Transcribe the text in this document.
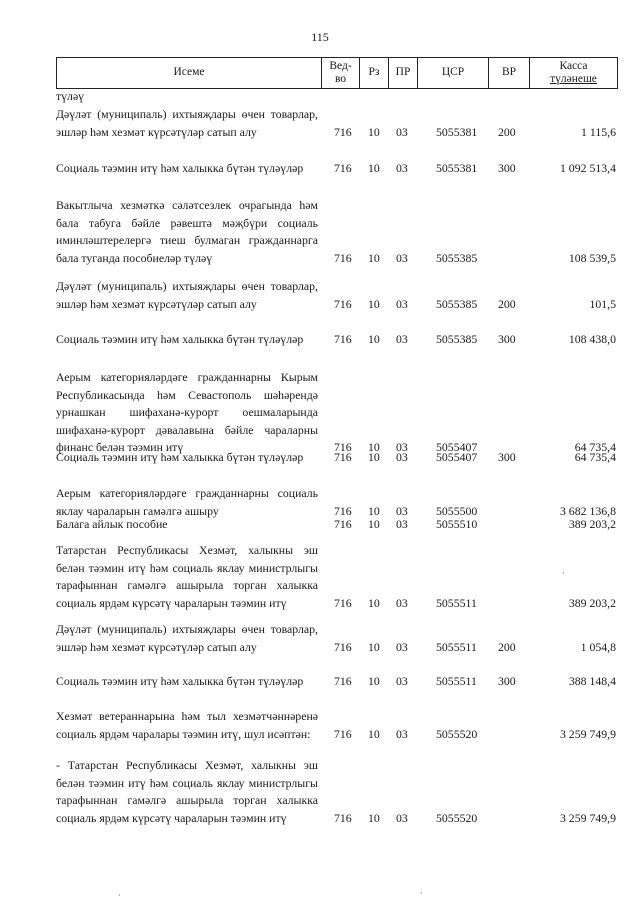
115
Исеме
Вед-
во
Рз	ПР	ЦСР	ВР
Касса
түләнеше
түләү
Дәүләт (муниципаль) ихтыяҗлары өчен товарлар, эшләр һәм хезмәт күрсәтүләр сатып алу	716 10 03 5055381 200	1 115,6
Социаль тәэмин итү һәм халыкка бүтән түләүләр	716 10 03 5055381 300	1 092 513,4
Вакытлыча хезмәткә сәләтсезлек очрагында һәм бала табуга бәйле рәвештә мәҗбүри социаль иминләштерелергә тиеш булмаган гражданнарга бала туганда пособиеләр түләү	716 10 03 5055385	108 539,5
Дәүләт (муниципаль) ихтыяҗлары өчен товарлар, эшләр һәм хезмәт күрсәтүләр сатып алу	716 10 03 5055385 200	101,5
Социаль тәэмин итү һәм халыкка бүтән түләүләр	716 10 03 5055385 300	108 438,0
Аерым категорияләрдәге гражданнарны Кырым Республикасында һәм Севастополь шәһәрендә урнашкан шифаханә-курорт оешмаларында шифаханә-курорт дәвалавына бәйле чараларны финанс белән тәэмин итү	716 10 03 5055407	64 735,4
Социаль тәэмин итү һәм халыкка бүтән түләүләр	716 10 03 5055407 300	64 735,4
Аерым категорияләрдәге гражданнарны социаль яклау чараларын гамәлгә ашыру	716 10 03 5055500	3 682 136,8
Балага айлык пособие	716 10 03 5055510	389 203,2
Татарстан Республикасы Хезмәт, халыкны эш белән тәэмин итү һәм социаль яклау министрлыгы тарафыннан гамәлгә ашырыла торган халыкка социаль ярдәм күрсәтү чараларын тәэмин итү	716 10 03 5055511	389 203,2
Дәүләт (муниципаль) ихтыяҗлары өчен товарлар, эшләр һәм хезмәт күрсәтүләр сатып алу	716 10 03 5055511 200	1 054,8
Социаль тәэмин итү һәм халыкка бүтән түләүләр	716 10 03 5055511 300	388 148,4
Хезмәт ветераннарына һәм тыл хезмәтчәннәренә социаль ярдәм чаралары тәэмин итү, шул исәптән:	716 10 03 5055520	3 259 749,9
- Татарстан Республикасы Хезмәт, халыкны эш белән тәэмин итү һәм социаль яклау министрлыгы тарафыннан гамәлгә ашырыла торган халыкка социаль ярдәм күрсәтү чараларын тәэмин итү	716 10 03 5055520	3 259 749,9
·
·	·
